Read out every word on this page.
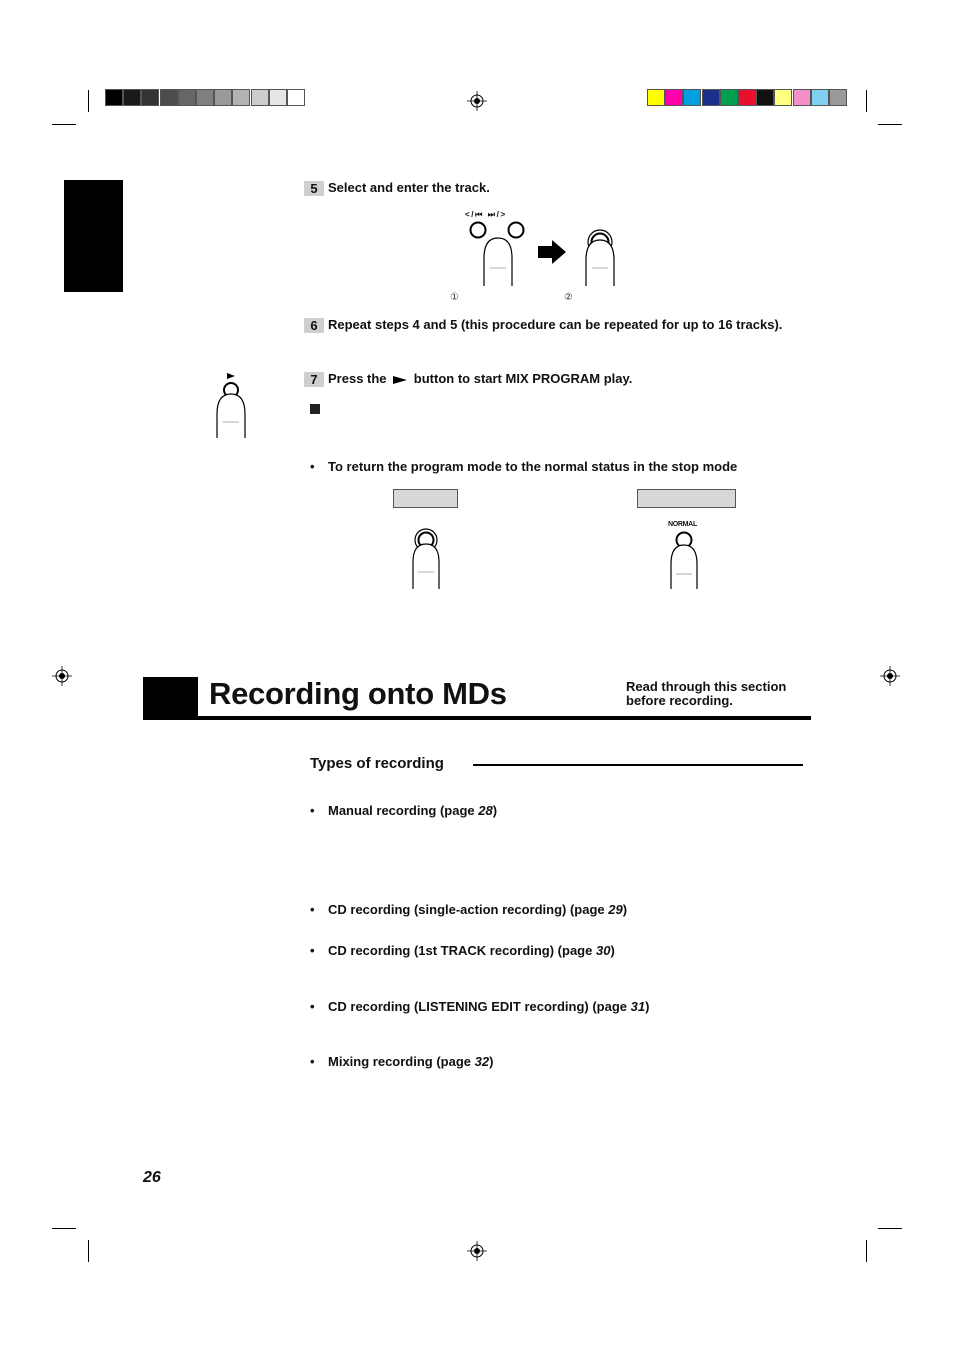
5 Select and enter the track.
< / ⏮   ⏭ / >
①	②
6 Repeat steps 4 and 5 (this procedure can be repeated for up to 16 tracks).
7 Press the button to start MIX PROGRAM play.
• To return the program mode to the normal status in the stop mode
NORMAL
Recording onto MDs	Read through this section
before recording.
Types of recording
• Manual recording (page 28)
• CD recording (single-action recording) (page 29)
• CD recording (1st TRACK recording) (page 30)
• CD recording (LISTENING EDIT recording) (page 31)
• Mixing recording (page 32)
26
